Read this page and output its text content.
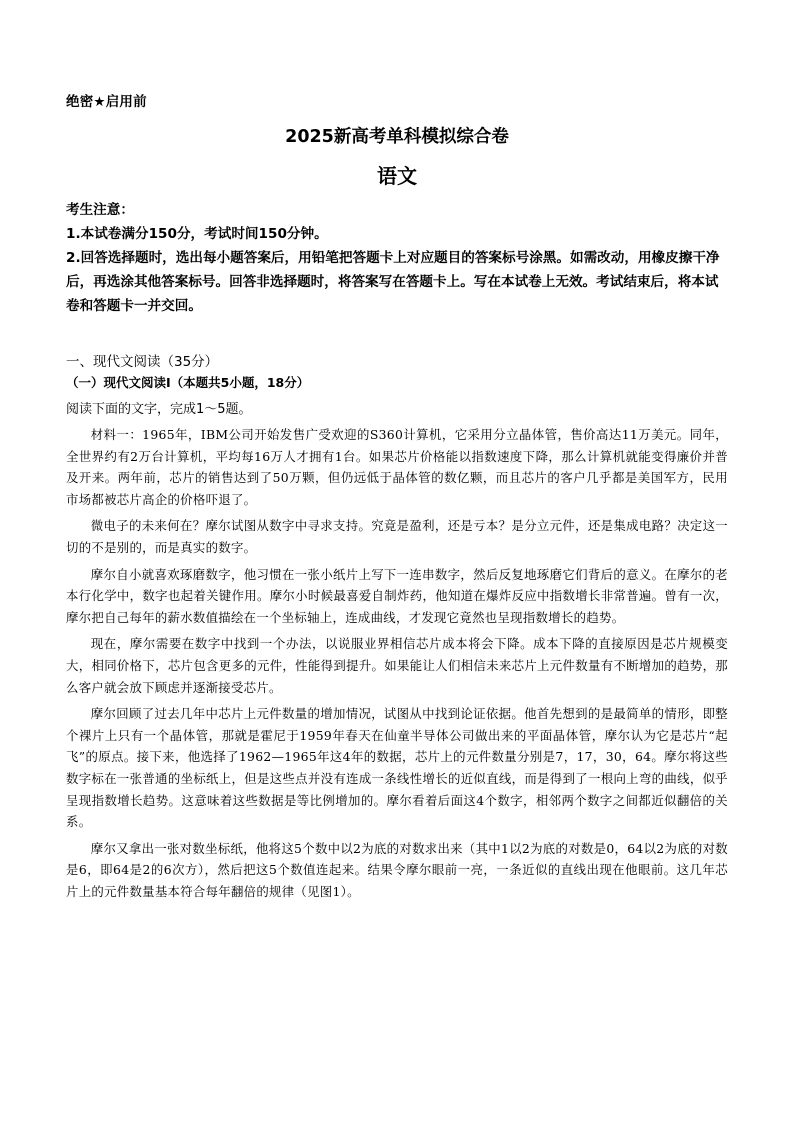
绝密★启用前
2025新高考单科模拟综合卷
语文
考生注意：
1.本试卷满分150分，考试时间150分钟。
2.回答选择题时，选出每小题答案后，用铅笔把答题卡上对应题目的答案标号涂黑。如需改动，用橡皮擦干净后，再选涂其他答案标号。回答非选择题时，将答案写在答题卡上。写在本试卷上无效。考试结束后，将本试卷和答题卡一并交回。
一、现代文阅读（35分）
（一）现代文阅读Ⅰ（本题共5小题，18分）
阅读下面的文字，完成1～5题。

材料一：1965年，IBM公司开始发售广受欢迎的S360计算机，它采用分立晶体管，售价高达11万美元。同年，全世界约有2万台计算机，平均每16万人才拥有1台。如果芯片价格能以指数速度下降，那么计算机就能变得廉价并普及开来。两年前，芯片的销售达到了50万颗，但仍远低于晶体管的数亿颗，而且芯片的客户几乎都是美国军方，民用市场都被芯片高企的价格吓退了。

微电子的未来何在？摩尔试图从数字中寻求支持。究竟是盈利，还是亏本？是分立元件，还是集成电路？决定这一切的不是别的，而是真实的数字。

摩尔自小就喜欢琢磨数字，他习惯在一张小纸片上写下一连串数字，然后反复地琢磨它们背后的意义。在摩尔的老本行化学中，数字也起着关键作用。摩尔小时候最喜爱自制炸药，他知道在爆炸反应中指数增长非常普遍。曾有一次，摩尔把自己每年的薪水数值描绘在一个坐标轴上，连成曲线，才发现它竟然也呈现指数增长的趋势。

现在，摩尔需要在数字中找到一个办法，以说服业界相信芯片成本将会下降。成本下降的直接原因是芯片规模变大，相同价格下，芯片包含更多的元件，性能得到提升。如果能让人们相信未来芯片上元件数量有不断增加的趋势，那么客户就会放下顾虑并逐渐接受芯片。

摩尔回顾了过去几年中芯片上元件数量的增加情况，试图从中找到论证依据。他首先想到的是最简单的情形，即整个裸片上只有一个晶体管，那就是霍尼于1959年春天在仙童半导体公司做出来的平面晶体管，摩尔认为它是芯片“起飞”的原点。接下来，他选择了1962—1965年这4年的数据，芯片上的元件数量分别是7，17，30，64。摩尔将这些数字标在一张普通的坐标纸上，但是这些点并没有连成一条线性增长的近似直线，而是得到了一根向上弯的曲线，似乎呈现指数增长趋势。这意味着这些数据是等比例增加的。摩尔看着后面这4个数字，相邻两个数字之间都近似翻倍的关系。

摩尔又拿出一张对数坐标纸，他将这5个数中以2为底的对数求出来（其中1以2为底的对数是0，64以2为底的对数是6，即64是2的6次方），然后把这5个数值连起来。结果令摩尔眼前一亮，一条近似的直线出现在他眼前。这几年芯片上的元件数量基本符合每年翻倍的规律（见图1）。
